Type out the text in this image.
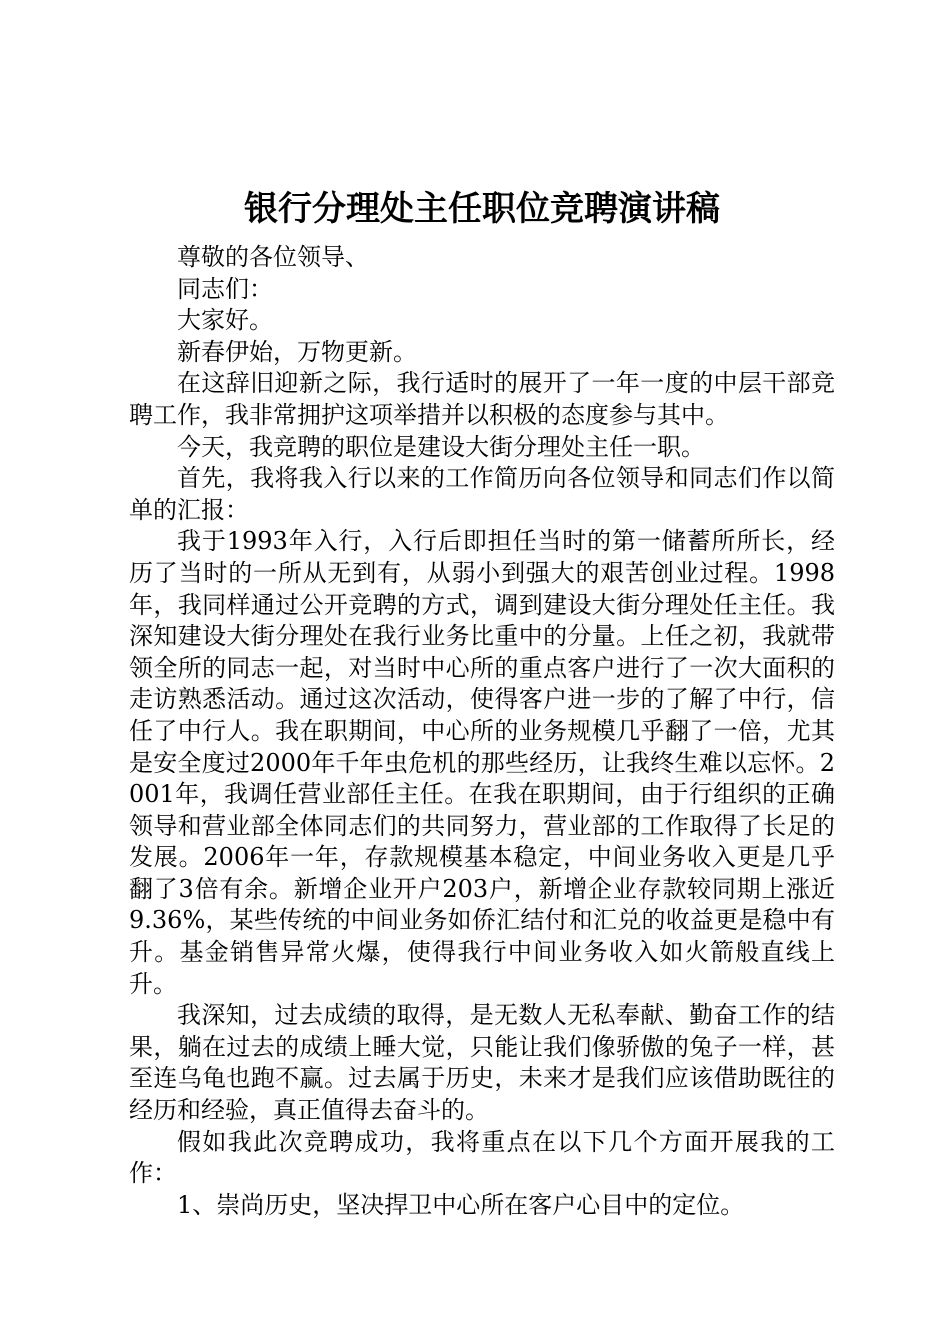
银行分理处主任职位竞聘演讲稿

尊敬的各位领导、

同志们：

大家好。

新春伊始，万物更新。

在这辞旧迎新之际，我行适时的展开了一年一度的中层干部竞聘工作，我非常拥护这项举措并以积极的态度参与其中。

今天，我竞聘的职位是建设大街分理处主任一职。

首先，我将我入行以来的工作简历向各位领导和同志们作以简单的汇报：

我于1993年入行，入行后即担任当时的第一储蓄所所长，经历了当时的一所从无到有，从弱小到强大的艰苦创业过程。1998年，我同样通过公开竞聘的方式，调到建设大街分理处任主任。我深知建设大街分理处在我行业务比重中的分量。上任之初，我就带领全所的同志一起，对当时中心所的重点客户进行了一次大面积的走访熟悉活动。通过这次活动，使得客户进一步的了解了中行，信任了中行人。我在职期间，中心所的业务规模几乎翻了一倍，尤其是安全度过2000年千年虫危机的那些经历，让我终生难以忘怀。2001年，我调任营业部任主任。在我在职期间，由于行组织的正确领导和营业部全体同志们的共同努力，营业部的工作取得了长足的发展。2006年一年，存款规模基本稳定，中间业务收入更是几乎翻了3倍有余。新增企业开户203户，新增企业存款较同期上涨近9.36%，某些传统的中间业务如侨汇结付和汇兑的收益更是稳中有升。基金销售异常火爆，使得我行中间业务收入如火箭般直线上升。

我深知，过去成绩的取得，是无数人无私奉献、勤奋工作的结果，躺在过去的成绩上睡大觉，只能让我们像骄傲的兔子一样，甚至连乌龟也跑不赢。过去属于历史，未来才是我们应该借助既往的经历和经验，真正值得去奋斗的。

假如我此次竞聘成功，我将重点在以下几个方面开展我的工作：

1、崇尚历史，坚决捍卫中心所在客户心目中的定位。
